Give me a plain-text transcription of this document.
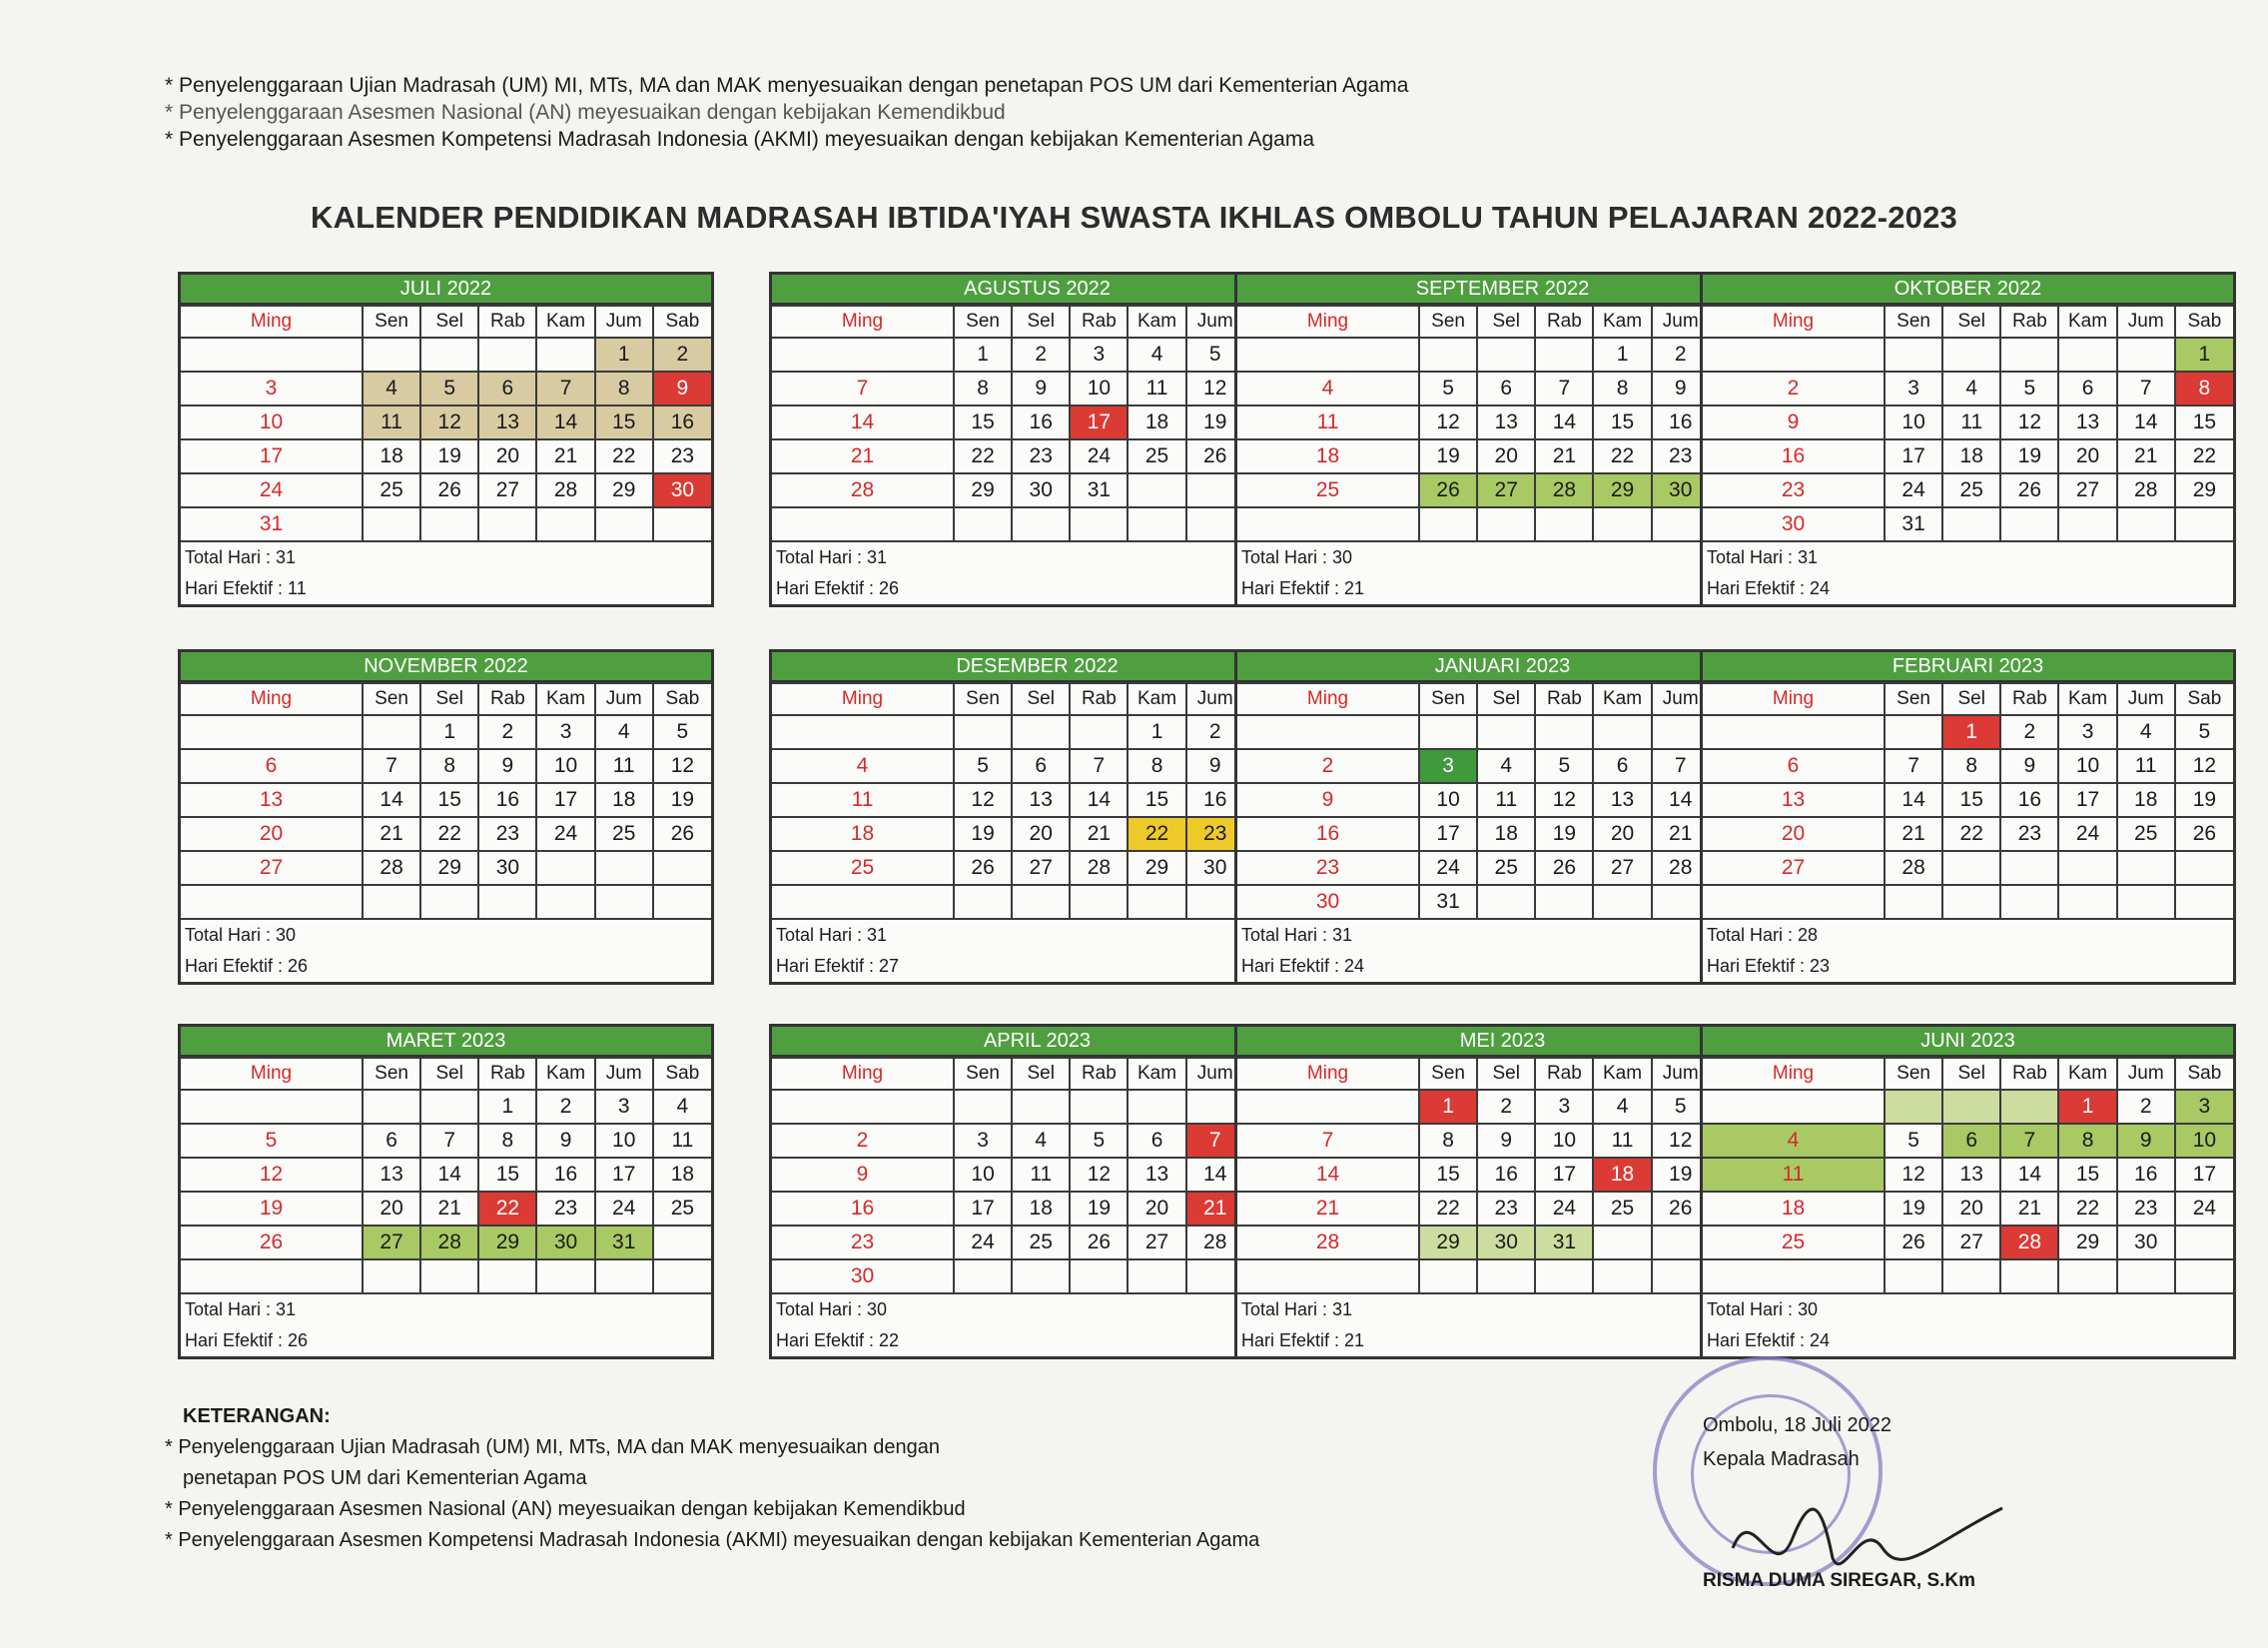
* Penyelenggaraan Ujian Madrasah (UM) MI, MTs, MA dan MAK menyesuaikan dengan penetapan POS UM dari Kementerian Agama
* Penyelenggaraan Asesmen Nasional (AN) meyesuaikan dengan kebijakan Kemendikbud
* Penyelenggaraan Asesmen Kompetensi Madrasah Indonesia (AKMI) meyesuaikan dengan kebijakan Kementerian Agama
KALENDER PENDIDIKAN MADRASAH IBTIDA'IYAH SWASTA IKHLAS OMBOLU TAHUN PELAJARAN 2022-2023
JULI 2022
Ming	Sen	Sel	Rab	Kam	Jum	Sab
					1	2
3	4	5	6	7	8	9
10	11	12	13	14	15	16
17	18	19	20	21	22	23
24	25	26	27	28	29	30
31						
Total Hari : 31
Hari Efektif : 11
AGUSTUS 2022
Ming	Sen	Sel	Rab	Kam	Jum	
	1	2	3	4	5	
7	8	9	10	11	12	
14	15	16	17	18	19	
21	22	23	24	25	26	
28	29	30	31			

Total Hari : 31
Hari Efektif : 26
SEPTEMBER 2022
Ming	Sen	Sel	Rab	Kam	Jum	
				1	2	
4	5	6	7	8	9	
11	12	13	14	15	16	
18	19	20	21	22	23	
25	26	27	28	29	30	

Total Hari : 30
Hari Efektif : 21
OKTOBER 2022
Ming	Sen	Sel	Rab	Kam	Jum	Sab
						1
2	3	4	5	6	7	8
9	10	11	12	13	14	15
16	17	18	19	20	21	22
23	24	25	26	27	28	29
30	31					
Total Hari : 31
Hari Efektif : 24
NOVEMBER 2022
Ming	Sen	Sel	Rab	Kam	Jum	Sab
		1	2	3	4	5
6	7	8	9	10	11	12
13	14	15	16	17	18	19
20	21	22	23	24	25	26
27	28	29	30			

Total Hari : 30
Hari Efektif : 26
DESEMBER 2022
Ming	Sen	Sel	Rab	Kam	Jum	
				1	2	
4	5	6	7	8	9	
11	12	13	14	15	16	
18	19	20	21	22	23	
25	26	27	28	29	30	

Total Hari : 31
Hari Efektif : 27
JANUARI 2023
Ming	Sen	Sel	Rab	Kam	Jum	

2	3	4	5	6	7	
9	10	11	12	13	14	
16	17	18	19	20	21	
23	24	25	26	27	28	
30	31					
Total Hari : 31
Hari Efektif : 24
FEBRUARI 2023
Ming	Sen	Sel	Rab	Kam	Jum	Sab
		1	2	3	4	5
6	7	8	9	10	11	12
13	14	15	16	17	18	19
20	21	22	23	24	25	26
27	28					

Total Hari : 28
Hari Efektif : 23
MARET 2023
Ming	Sen	Sel	Rab	Kam	Jum	Sab
			1	2	3	4
5	6	7	8	9	10	11
12	13	14	15	16	17	18
19	20	21	22	23	24	25
26	27	28	29	30	31	

Total Hari : 31
Hari Efektif : 26
APRIL 2023
Ming	Sen	Sel	Rab	Kam	Jum	

2	3	4	5	6	7	
9	10	11	12	13	14	
16	17	18	19	20	21	
23	24	25	26	27	28	
30						
Total Hari : 30
Hari Efektif : 22
MEI 2023
Ming	Sen	Sel	Rab	Kam	Jum	
	1	2	3	4	5	
7	8	9	10	11	12	
14	15	16	17	18	19	
21	22	23	24	25	26	
28	29	30	31			

Total Hari : 31
Hari Efektif : 21
JUNI 2023
Ming	Sen	Sel	Rab	Kam	Jum	Sab
				1	2	3
4	5	6	7	8	9	10
11	12	13	14	15	16	17
18	19	20	21	22	23	24
25	26	27	28	29	30	

Total Hari : 30
Hari Efektif : 24
KETERANGAN:
* Penyelenggaraan Ujian Madrasah (UM) MI, MTs, MA dan MAK menyesuaikan dengan
penetapan POS UM dari Kementerian Agama
* Penyelenggaraan Asesmen Nasional (AN) meyesuaikan dengan kebijakan Kemendikbud
* Penyelenggaraan Asesmen Kompetensi Madrasah Indonesia (AKMI) meyesuaikan dengan kebijakan Kementerian Agama
Ombolu, 18 Juli 2022
Kepala Madrasah
RISMA DUMA SIREGAR, S.Km
